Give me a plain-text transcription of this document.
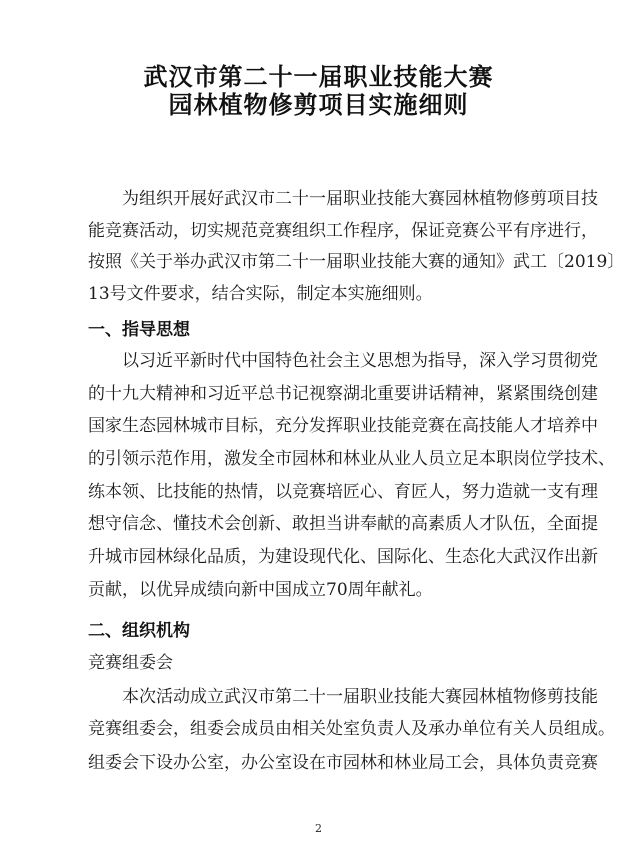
武汉市第二十一届职业技能大赛
园林植物修剪项目实施细则
为组织开展好武汉市二十一届职业技能大赛园林植物修剪项目技
能竞赛活动，切实规范竞赛组织工作程序，保证竞赛公平有序进行，
按照《关于举办武汉市第二十一届职业技能大赛的通知》武工〔2019〕
13号文件要求，结合实际，制定本实施细则。
一、指导思想
以习近平新时代中国特色社会主义思想为指导，深入学习贯彻党
的十九大精神和习近平总书记视察湖北重要讲话精神，紧紧围绕创建
国家生态园林城市目标，充分发挥职业技能竞赛在高技能人才培养中
的引领示范作用，激发全市园林和林业从业人员立足本职岗位学技术、
练本领、比技能的热情，以竞赛培匠心、育匠人，努力造就一支有理
想守信念、懂技术会创新、敢担当讲奉献的高素质人才队伍，全面提
升城市园林绿化品质，为建设现代化、国际化、生态化大武汉作出新
贡献，以优异成绩向新中国成立70周年献礼。
二、组织机构
竞赛组委会
本次活动成立武汉市第二十一届职业技能大赛园林植物修剪技能
竞赛组委会，组委会成员由相关处室负责人及承办单位有关人员组成。
组委会下设办公室，办公室设在市园林和林业局工会，具体负责竞赛
2
